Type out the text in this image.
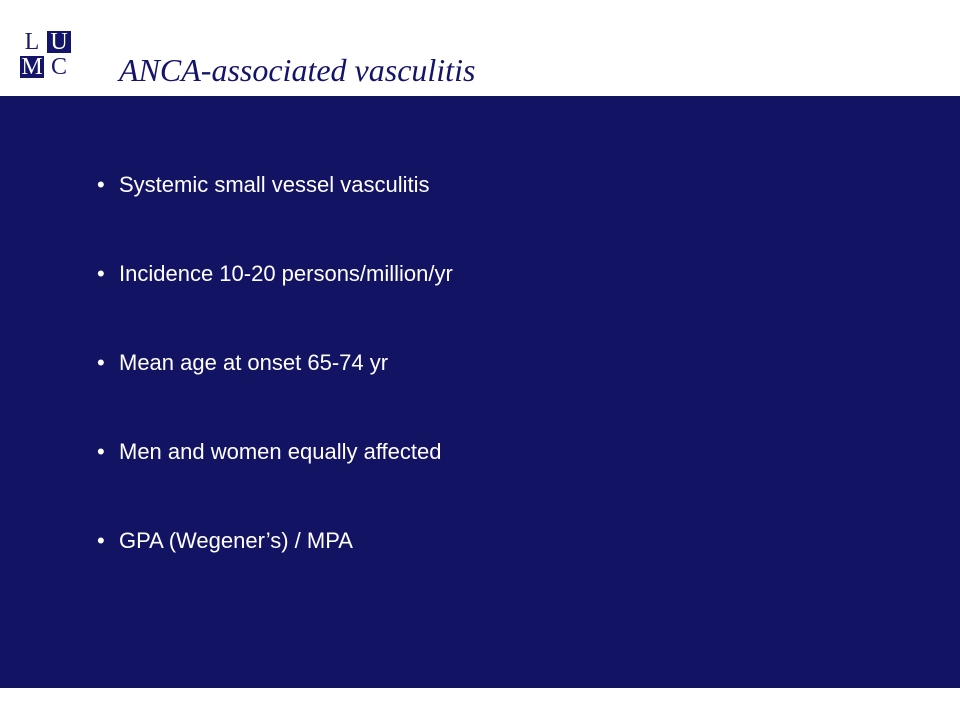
L U
M C ANCA-associated vasculitis
• Systemic small vessel vasculitis
• Incidence 10-20 persons/million/yr
• Mean age at onset 65-74 yr
• Men and women equally affected
• GPA (Wegener’s) / MPA
